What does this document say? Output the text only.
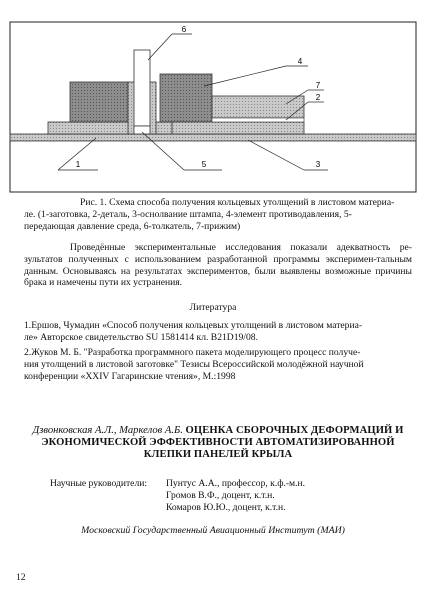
1
2
3
4
5
6
7
Рис. 1. Схема способа получения кольцевых утолщений в листовом материа-
ле. (1-заготовка, 2-деталь, 3-оснолвание штампа, 4-элемент противодавления, 5-
передающая давление среда, 6-толкатель, 7-прижим)
Проведённые экспериментальные исследования показали адекватность ре-зультатов полученных с использованием разработанной программы эксперимен-тальным данным. Основываясь на результатах экспериментов, были выявлены возможные причины брака и намечены пути их устранения.
Литература
1.Ершов, Чумадин «Способ получения кольцевых утолщений в листовом материа-
ле» Авторское свидетельство SU 1581414 кл. B21D19/08.
2.Жуков М. Б. "Разработка программного пакета моделирующего процесс получе-
ния утолщений в листовой заготовке" Тезисы Всероссийской молодёжной научной
конференции «XXIV Гагаринские чтения», М.:1998
Дзвонковская А.Л., Маркелов А.Б. ОЦЕНКА СБОРОЧНЫХ ДЕФОРМАЦИЙ И
ЭКОНОМИЧЕСКОЙ ЭФФЕКТИВНОСТИ АВТОМАТИЗИРОВАННОЙ
КЛЕПКИ ПАНЕЛЕЙ КРЫЛА
Научные руководители:	Пунтус А.А., профессор, к.ф.-м.н.
Громов В.Ф., доцент, к.т.н.
Комаров Ю.Ю., доцент, к.т.н.
Московский Государственный Авиационный Институт (МАИ)
12
